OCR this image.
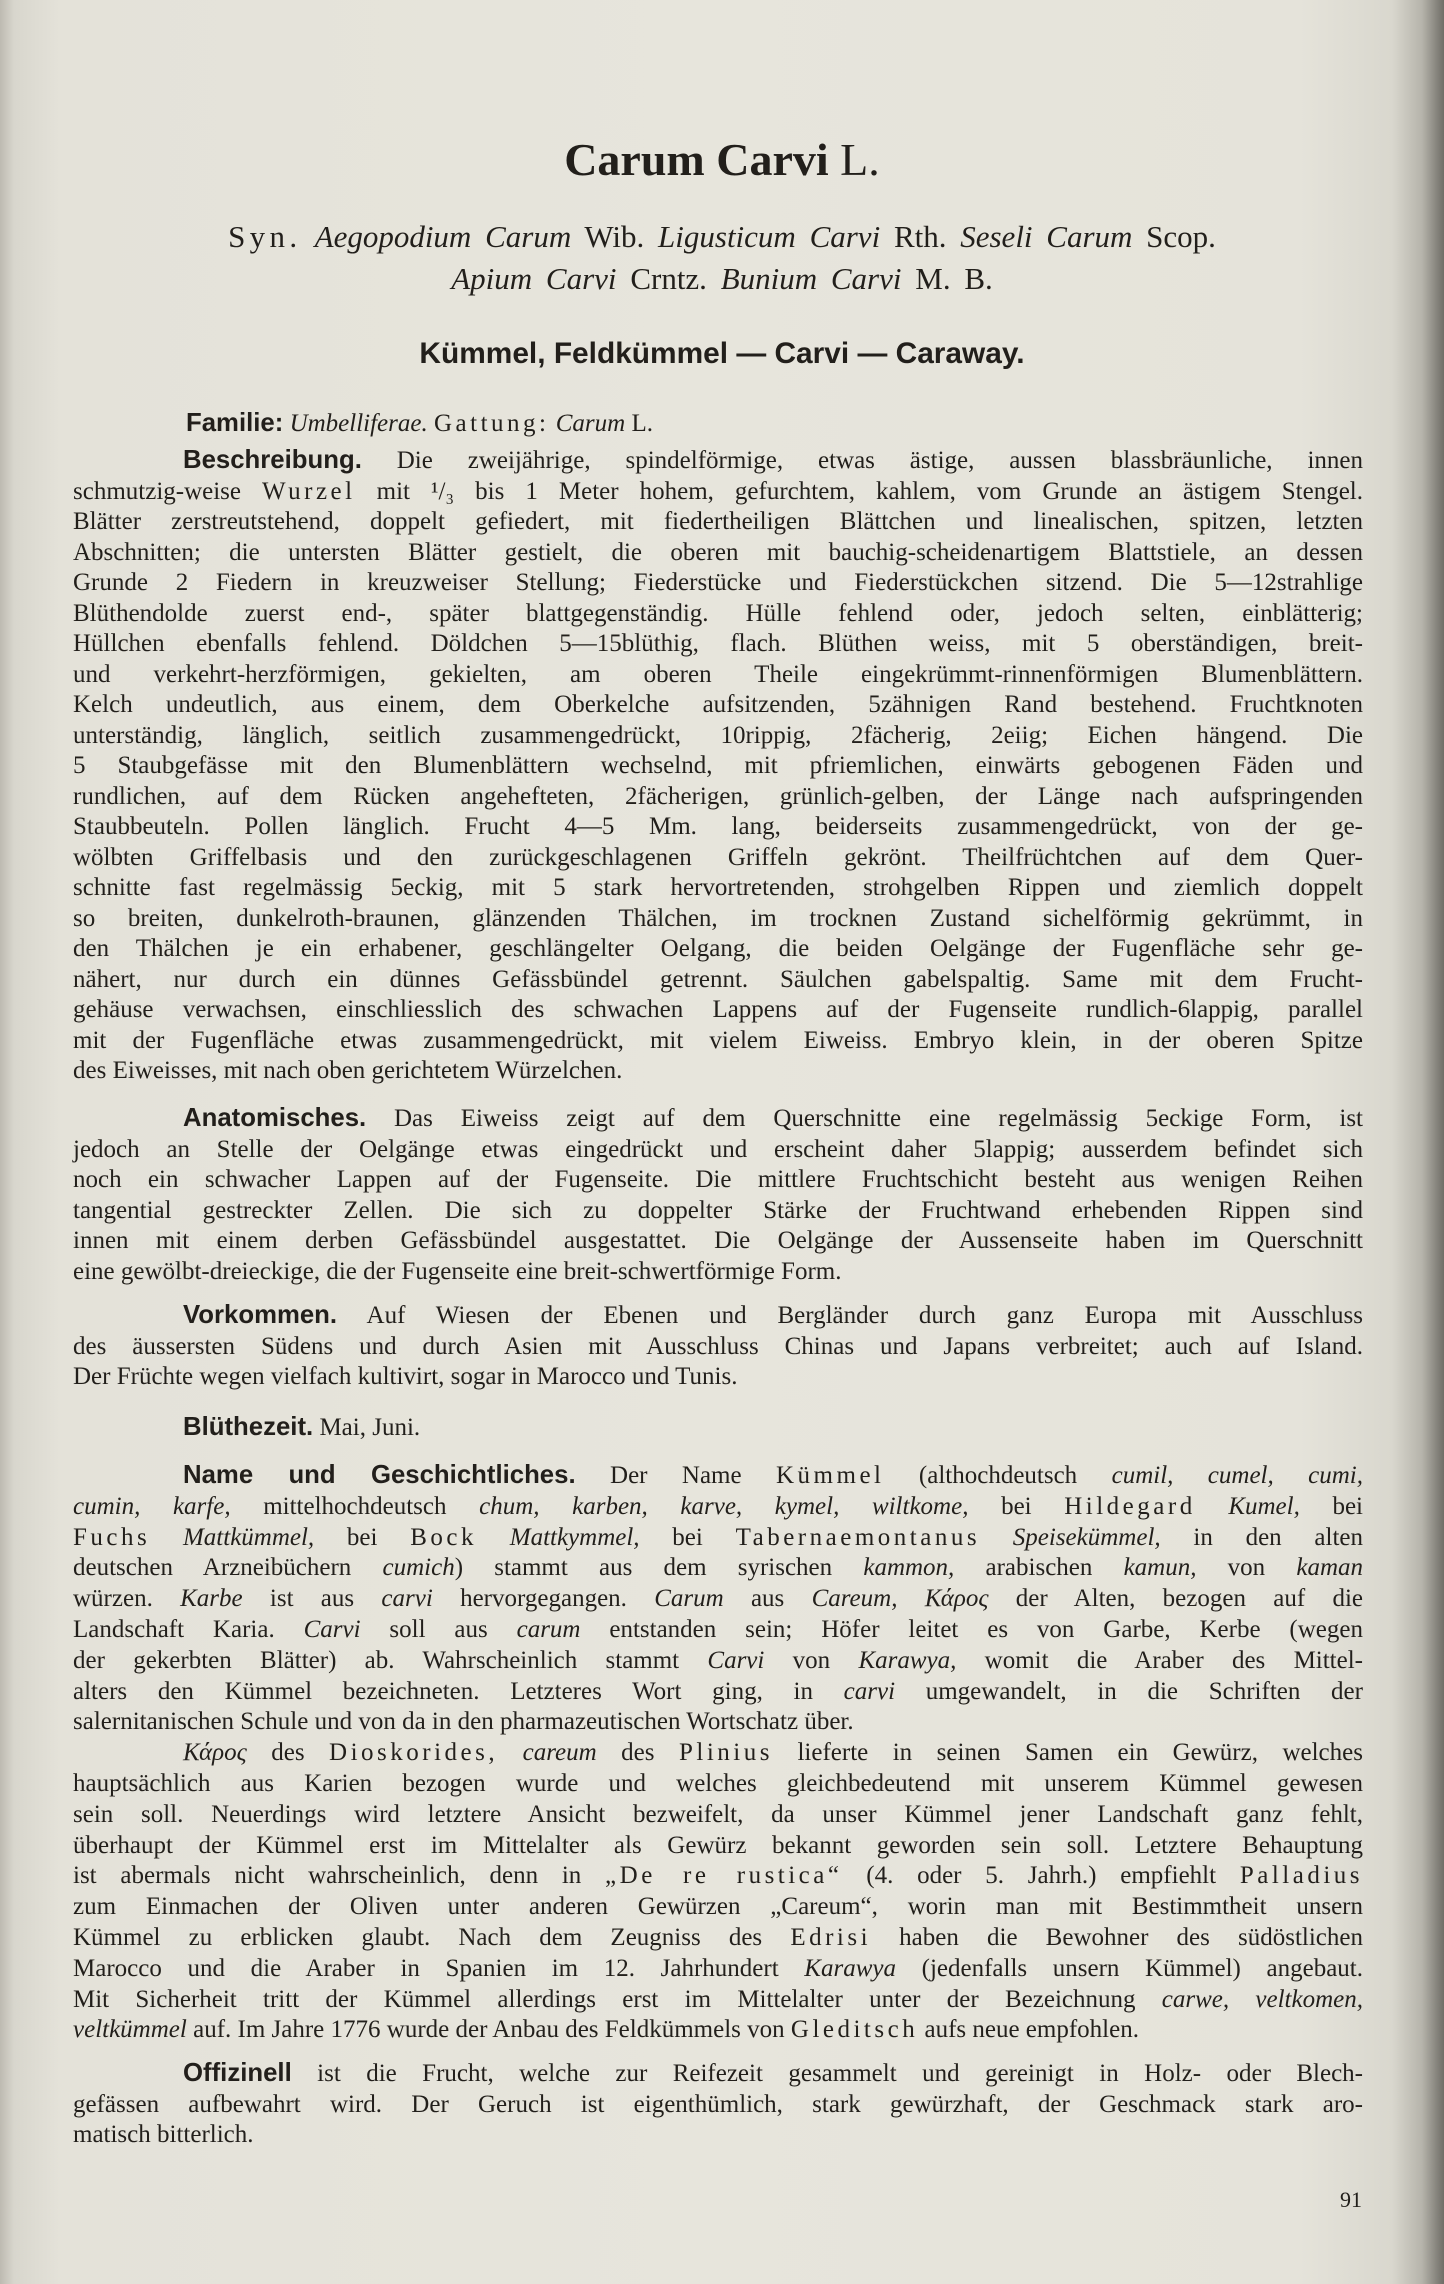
Carum Carvi L.
Syn. Aegopodium Carum Wib. Ligusticum Carvi Rth. Seseli Carum Scop.
Apium Carvi Crntz. Bunium Carvi M. B.
Kümmel, Feldkümmel — Carvi — Caraway.
Familie: Umbelliferae. Gattung: Carum L.
Beschreibung. Die zweijährige, spindelförmige, etwas ästige, aussen blassbräunliche, innen
schmutzig-weise Wurzel mit ¹/₃ bis 1 Meter hohem, gefurchtem, kahlem, vom Grunde an ästigem Stengel.
Blätter zerstreutstehend, doppelt gefiedert, mit fiedertheiligen Blättchen und linealischen, spitzen, letzten
Abschnitten; die untersten Blätter gestielt, die oberen mit bauchig-scheidenartigem Blattstiele, an dessen
Grunde 2 Fiedern in kreuzweiser Stellung; Fiederstücke und Fiederstückchen sitzend. Die 5—12strahlige
Blüthendolde zuerst end-, später blattgegenständig. Hülle fehlend oder, jedoch selten, einblätterig;
Hüllchen ebenfalls fehlend. Döldchen 5—15blüthig, flach. Blüthen weiss, mit 5 oberständigen, breit-
und verkehrt-herzförmigen, gekielten, am oberen Theile eingekrümmt-rinnenförmigen Blumenblättern.
Kelch undeutlich, aus einem, dem Oberkelche aufsitzenden, 5zähnigen Rand bestehend. Fruchtknoten
unterständig, länglich, seitlich zusammengedrückt, 10rippig, 2fächerig, 2eiig; Eichen hängend. Die
5 Staubgefässe mit den Blumenblättern wechselnd, mit pfriemlichen, einwärts gebogenen Fäden und
rundlichen, auf dem Rücken angehefteten, 2fächerigen, grünlich-gelben, der Länge nach aufspringenden
Staubbeuteln. Pollen länglich. Frucht 4—5 Mm. lang, beiderseits zusammengedrückt, von der ge-
wölbten Griffelbasis und den zurückgeschlagenen Griffeln gekrönt. Theilfrüchtchen auf dem Quer-
schnitte fast regelmässig 5eckig, mit 5 stark hervortretenden, strohgelben Rippen und ziemlich doppelt
so breiten, dunkelroth-braunen, glänzenden Thälchen, im trocknen Zustand sichelförmig gekrümmt, in
den Thälchen je ein erhabener, geschlängelter Oelgang, die beiden Oelgänge der Fugenfläche sehr ge-
nähert, nur durch ein dünnes Gefässbündel getrennt. Säulchen gabelspaltig. Same mit dem Frucht-
gehäuse verwachsen, einschliesslich des schwachen Lappens auf der Fugenseite rundlich-6lappig, parallel
mit der Fugenfläche etwas zusammengedrückt, mit vielem Eiweiss. Embryo klein, in der oberen Spitze
des Eiweisses, mit nach oben gerichtetem Würzelchen.
Anatomisches. Das Eiweiss zeigt auf dem Querschnitte eine regelmässig 5eckige Form, ist
jedoch an Stelle der Oelgänge etwas eingedrückt und erscheint daher 5lappig; ausserdem befindet sich
noch ein schwacher Lappen auf der Fugenseite. Die mittlere Fruchtschicht besteht aus wenigen Reihen
tangential gestreckter Zellen. Die sich zu doppelter Stärke der Fruchtwand erhebenden Rippen sind
innen mit einem derben Gefässbündel ausgestattet. Die Oelgänge der Aussenseite haben im Querschnitt
eine gewölbt-dreieckige, die der Fugenseite eine breit-schwertförmige Form.
Vorkommen. Auf Wiesen der Ebenen und Bergländer durch ganz Europa mit Ausschluss
des äussersten Südens und durch Asien mit Ausschluss Chinas und Japans verbreitet; auch auf Island.
Der Früchte wegen vielfach kultivirt, sogar in Marocco und Tunis.
Blüthezeit. Mai, Juni.
Name und Geschichtliches. Der Name Kümmel (althochdeutsch cumil, cumel, cumi,
cumin, karfe, mittelhochdeutsch chum, karben, karve, kymel, wiltkome, bei Hildegard Kumel, bei
Fuchs Mattkümmel, bei Bock Mattkymmel, bei Tabernaemontanus Speisekümmel, in den alten
deutschen Arzneibüchern cumich) stammt aus dem syrischen kammon, arabischen kamun, von kaman
würzen. Karbe ist aus carvi hervorgegangen. Carum aus Careum, Κάρος der Alten, bezogen auf die
Landschaft Karia. Carvi soll aus carum entstanden sein; Höfer leitet es von Garbe, Kerbe (wegen
der gekerbten Blätter) ab. Wahrscheinlich stammt Carvi von Karawya, womit die Araber des Mittel-
alters den Kümmel bezeichneten. Letzteres Wort ging, in carvi umgewandelt, in die Schriften der
salernitanischen Schule und von da in den pharmazeutischen Wortschatz über.
Κάρος des Dioskorides, careum des Plinius lieferte in seinen Samen ein Gewürz, welches
hauptsächlich aus Karien bezogen wurde und welches gleichbedeutend mit unserem Kümmel gewesen
sein soll. Neuerdings wird letztere Ansicht bezweifelt, da unser Kümmel jener Landschaft ganz fehlt,
überhaupt der Kümmel erst im Mittelalter als Gewürz bekannt geworden sein soll. Letztere Behauptung
ist abermals nicht wahrscheinlich, denn in „De re rustica“ (4. oder 5. Jahrh.) empfiehlt Palladius
zum Einmachen der Oliven unter anderen Gewürzen „Careum“, worin man mit Bestimmtheit unsern
Kümmel zu erblicken glaubt. Nach dem Zeugniss des Edrisi haben die Bewohner des südöstlichen
Marocco und die Araber in Spanien im 12. Jahrhundert Karawya (jedenfalls unsern Kümmel) angebaut.
Mit Sicherheit tritt der Kümmel allerdings erst im Mittelalter unter der Bezeichnung carwe, veltkomen,
veltkümmel auf. Im Jahre 1776 wurde der Anbau des Feldkümmels von Gleditsch aufs neue empfohlen.
Offizinell ist die Frucht, welche zur Reifezeit gesammelt und gereinigt in Holz- oder Blech-
gefässen aufbewahrt wird. Der Geruch ist eigenthümlich, stark gewürzhaft, der Geschmack stark aro-
matisch bitterlich.
91
